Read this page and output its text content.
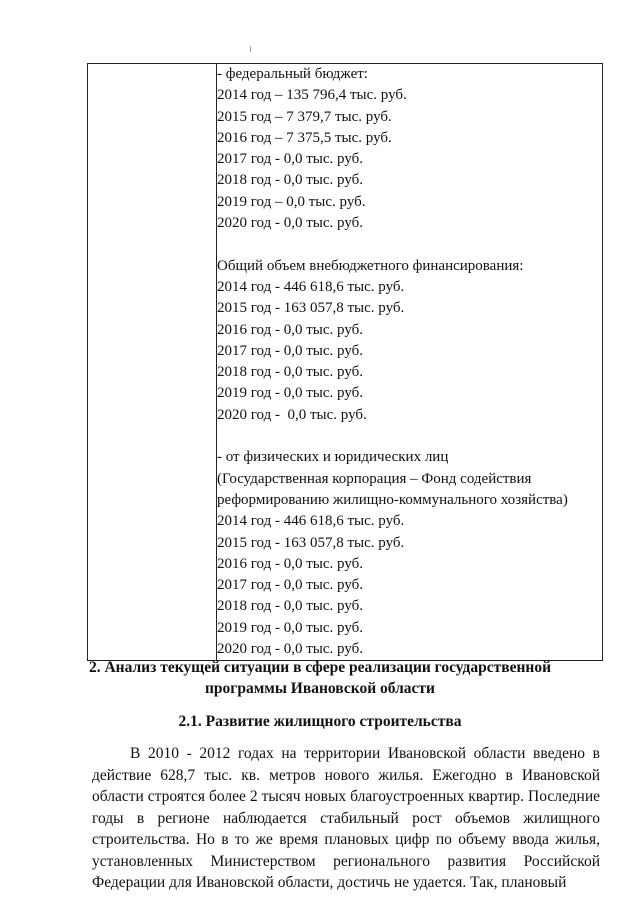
- федеральный бюджет:
2014 год – 135 796,4 тыс. руб.
2015 год – 7 379,7 тыс. руб.
2016 год – 7 375,5 тыс. руб.
2017 год - 0,0 тыс. руб.
2018 год - 0,0 тыс. руб.
2019 год – 0,0 тыс. руб.
2020 год - 0,0 тыс. руб.
Общий объем внебюджетного финансирования:
2014 год - 446 618,6 тыс. руб.
2015 год - 163 057,8 тыс. руб.
2016 год - 0,0 тыс. руб.
2017 год - 0,0 тыс. руб.
2018 год - 0,0 тыс. руб.
2019 год - 0,0 тыс. руб.
2020 год -  0,0 тыс. руб.
- от физических и юридических лиц
(Государственная корпорация – Фонд содействия
реформированию жилищно-коммунального хозяйства)
2014 год - 446 618,6 тыс. руб.
2015 год - 163 057,8 тыс. руб.
2016 год - 0,0 тыс. руб.
2017 год - 0,0 тыс. руб.
2018 год - 0,0 тыс. руб.
2019 год - 0,0 тыс. руб.
2020 год - 0,0 тыс. руб.
2. Анализ текущей ситуации в сфере реализации государственной
программы Ивановской области
2.1. Развитие жилищного строительства

В 2010 - 2012 годах на территории Ивановской области введено в действие 628,7 тыс. кв. метров нового жилья. Ежегодно в Ивановской области строятся более 2 тысяч новых благоустроенных квартир. Последние годы в регионе наблюдается стабильный рост объемов жилищного строительства. Но в то же время плановых цифр по объему ввода жилья, установленных Министерством регионального развития Российской Федерации для Ивановской области, достичь не удается. Так, плановый
